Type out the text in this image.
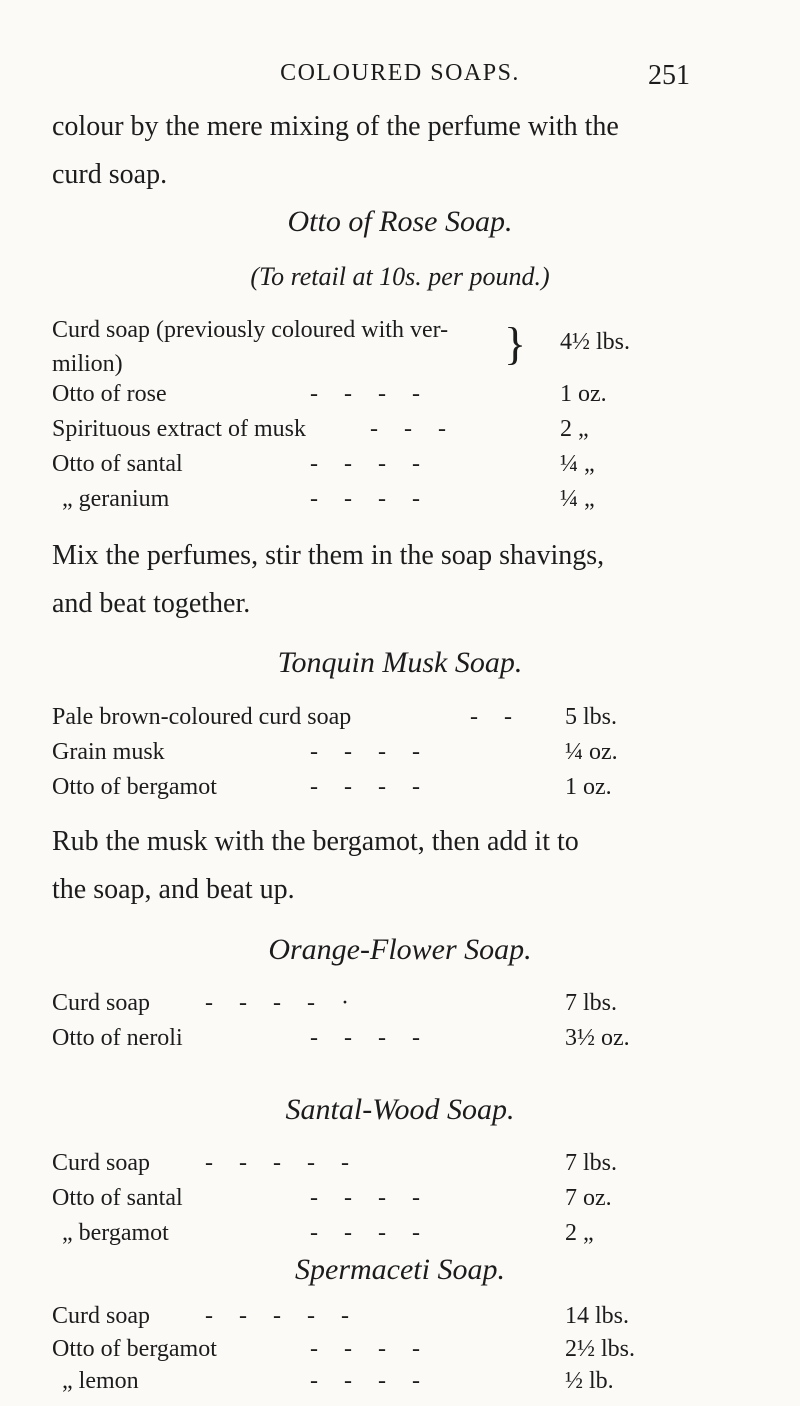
COLOURED SOAPS.	251

colour by the mere mixing of the perfume with the

curd soap.

Otto of Rose Soap.

(To retail at 10s. per pound.)

Curd soap (previously coloured with ver-
milion)	} 4½ lbs.
Otto of rose	-   -   -   -	1 oz.
Spirituous extract of musk	-   -   -	2 „
Otto of santal	-   -   -   -	¼ „
„ geranium	-   -   -   -	¼ „

Mix the perfumes, stir them in the soap shavings,

and beat together.

Tonquin Musk Soap.

Pale brown-coloured curd soap	-   - 5 lbs.
Grain musk	-   -   -   -	¼ oz.
Otto of bergamot	-   -   -   -	1 oz.

Rub the musk with the bergamot, then add it to

the soap, and beat up.

Orange-Flower Soap.

Curd soap -   -   -   -   ·	7 lbs.
Otto of neroli	-   -   -   -	3½ oz.

Santal-Wood Soap.

Curd soap -   -   -   -   -	7 lbs.
Otto of santal	-   -   -   -	7 oz.
„ bergamot	-   -   -   -	2 „

Spermaceti Soap.

Curd soap -   -   -   -   -	14 lbs.
Otto of bergamot	-   -   -   -	2½ lbs.
„ lemon	-   -   -   -	½ lb.
